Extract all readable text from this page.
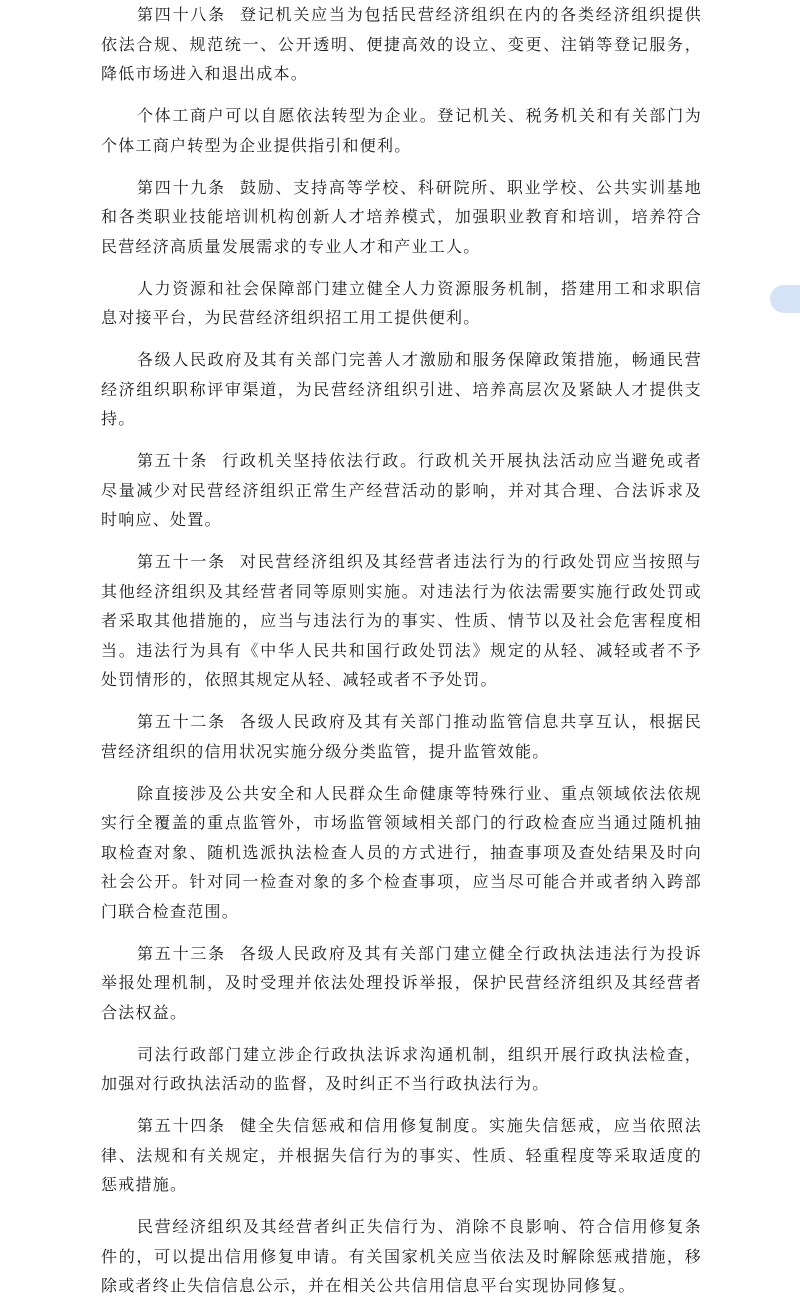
第四十八条 登记机关应当为包括民营经济组织在内的各类经济组织提供依法合规、规范统一、公开透明、便捷高效的设立、变更、注销等登记服务，降低市场进入和退出成本。

个体工商户可以自愿依法转型为企业。登记机关、税务机关和有关部门为个体工商户转型为企业提供指引和便利。

第四十九条 鼓励、支持高等学校、科研院所、职业学校、公共实训基地和各类职业技能培训机构创新人才培养模式，加强职业教育和培训，培养符合民营经济高质量发展需求的专业人才和产业工人。

人力资源和社会保障部门建立健全人力资源服务机制，搭建用工和求职信息对接平台，为民营经济组织招工用工提供便利。

各级人民政府及其有关部门完善人才激励和服务保障政策措施，畅通民营经济组织职称评审渠道，为民营经济组织引进、培养高层次及紧缺人才提供支持。

第五十条 行政机关坚持依法行政。行政机关开展执法活动应当避免或者尽量减少对民营经济组织正常生产经营活动的影响，并对其合理、合法诉求及时响应、处置。

第五十一条 对民营经济组织及其经营者违法行为的行政处罚应当按照与其他经济组织及其经营者同等原则实施。对违法行为依法需要实施行政处罚或者采取其他措施的，应当与违法行为的事实、性质、情节以及社会危害程度相当。违法行为具有《中华人民共和国行政处罚法》规定的从轻、减轻或者不予处罚情形的，依照其规定从轻、减轻或者不予处罚。

第五十二条 各级人民政府及其有关部门推动监管信息共享互认，根据民营经济组织的信用状况实施分级分类监管，提升监管效能。

除直接涉及公共安全和人民群众生命健康等特殊行业、重点领域依法依规实行全覆盖的重点监管外，市场监管领域相关部门的行政检查应当通过随机抽取检查对象、随机选派执法检查人员的方式进行，抽查事项及查处结果及时向社会公开。针对同一检查对象的多个检查事项，应当尽可能合并或者纳入跨部门联合检查范围。

第五十三条 各级人民政府及其有关部门建立健全行政执法违法行为投诉举报处理机制，及时受理并依法处理投诉举报，保护民营经济组织及其经营者合法权益。

司法行政部门建立涉企行政执法诉求沟通机制，组织开展行政执法检查，加强对行政执法活动的监督，及时纠正不当行政执法行为。

第五十四条 健全失信惩戒和信用修复制度。实施失信惩戒，应当依照法律、法规和有关规定，并根据失信行为的事实、性质、轻重程度等采取适度的惩戒措施。

民营经济组织及其经营者纠正失信行为、消除不良影响、符合信用修复条件的，可以提出信用修复申请。有关国家机关应当依法及时解除惩戒措施，移除或者终止失信信息公示，并在相关公共信用信息平台实现协同修复。
